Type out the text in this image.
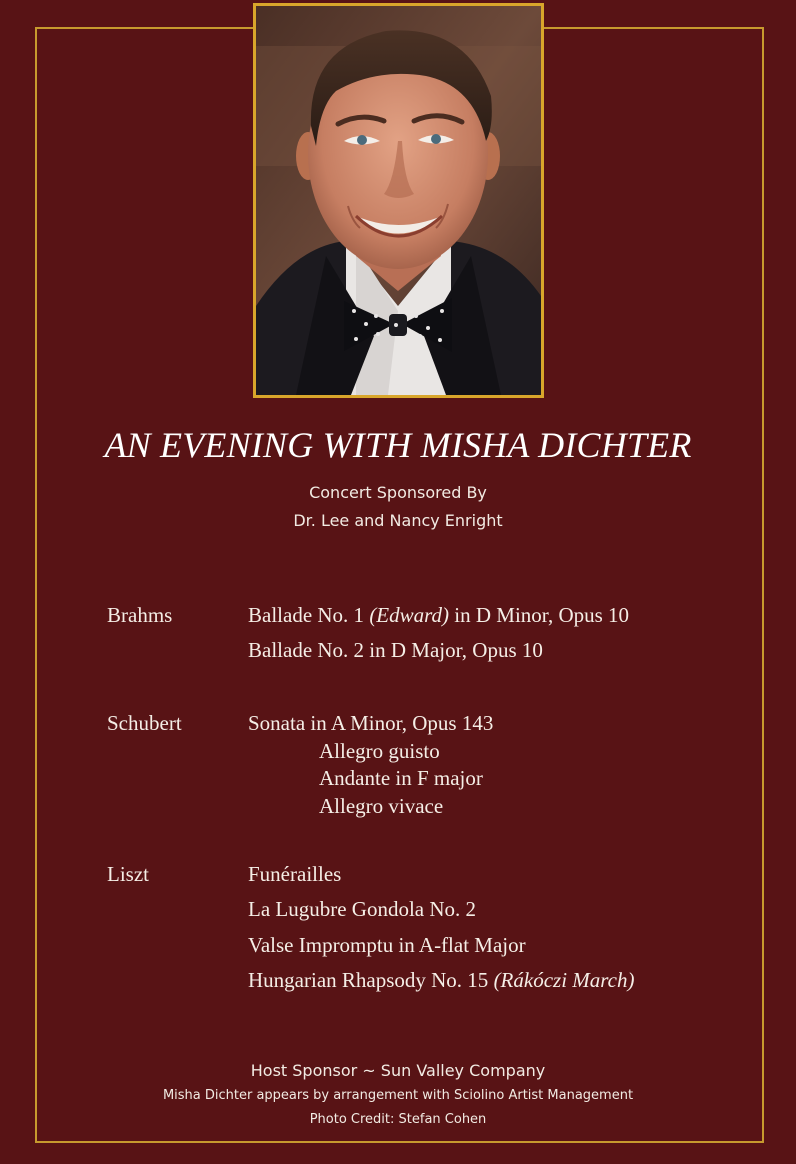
AN EVENING WITH MISHA DICHTER
Concert Sponsored By
Dr. Lee and Nancy Enright
Brahms	Ballade No. 1 (Edward) in D Minor, Opus 10
Ballade No. 2 in D Major, Opus 10
Schubert	Sonata in A Minor, Opus 143
Allegro guisto
Andante in F major
Allegro vivace
Liszt	Funérailles
La Lugubre Gondola No. 2
Valse Impromptu in A-flat Major
Hungarian Rhapsody No. 15 (Rákóczi March)
Host Sponsor ~ Sun Valley Company
Misha Dichter appears by arrangement with Sciolino Artist Management
Photo Credit: Stefan Cohen
